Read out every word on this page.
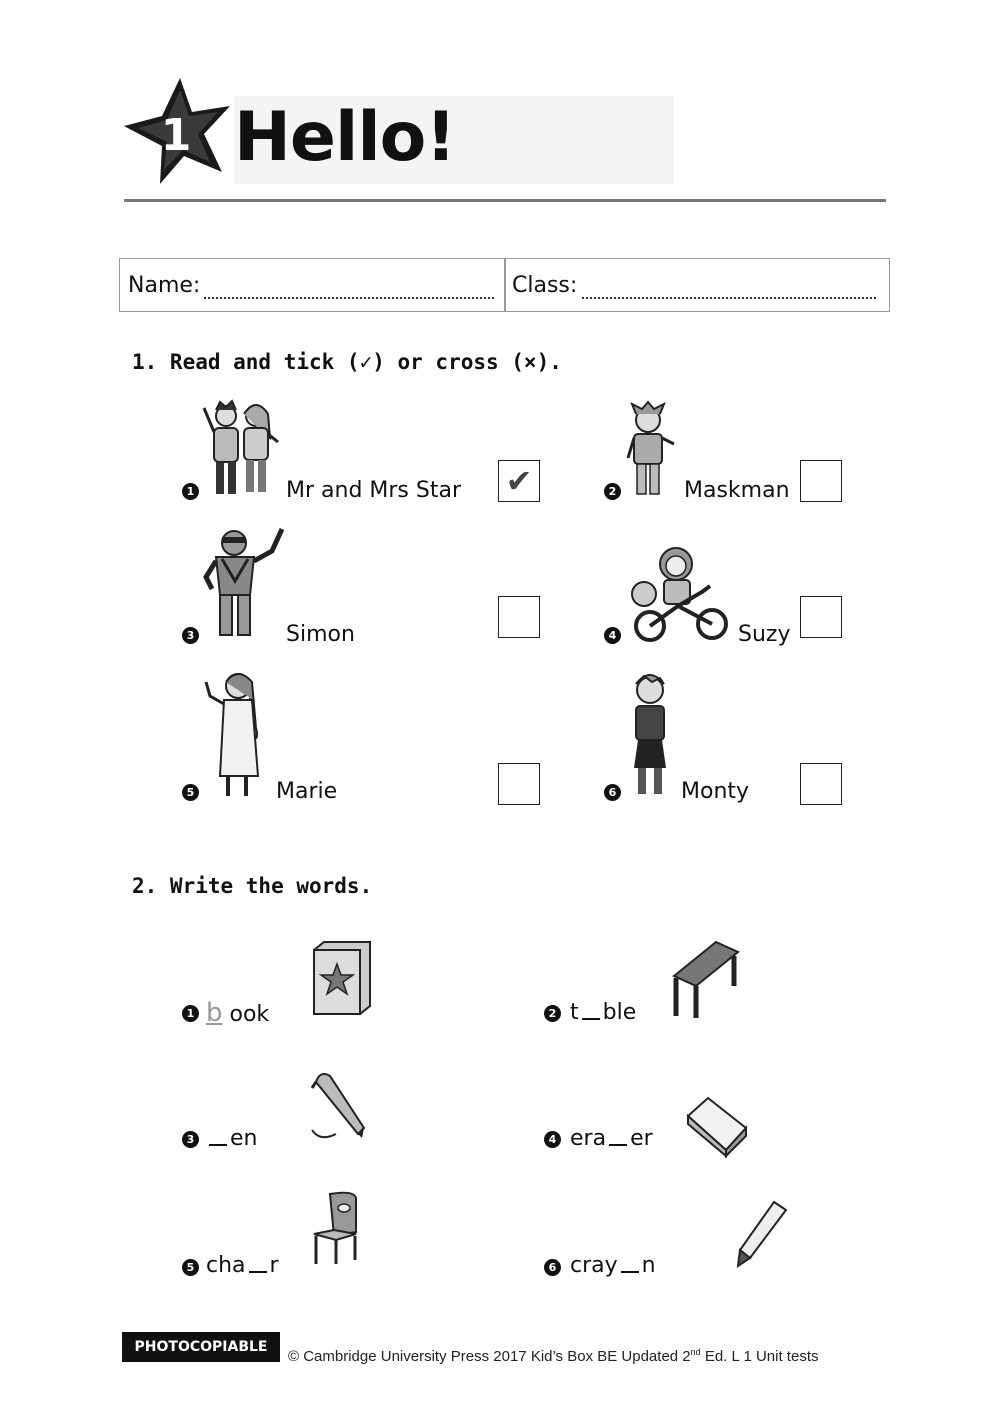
1 Hello!
Name:	Class:
1. Read and tick (✓) or cross (×).
1	Mr and Mrs Star ✔	2	Maskman
3	Simon	4	Suzy
5	Marie	6	Monty
2. Write the words.
1 b ook	2 t ble
3	en	4 era er
5 cha r	6 cray n
PHOTOCOPIABLE
© Cambridge University Press 2017 Kid’s Box BE Updated 2nd Ed. L 1 Unit tests
